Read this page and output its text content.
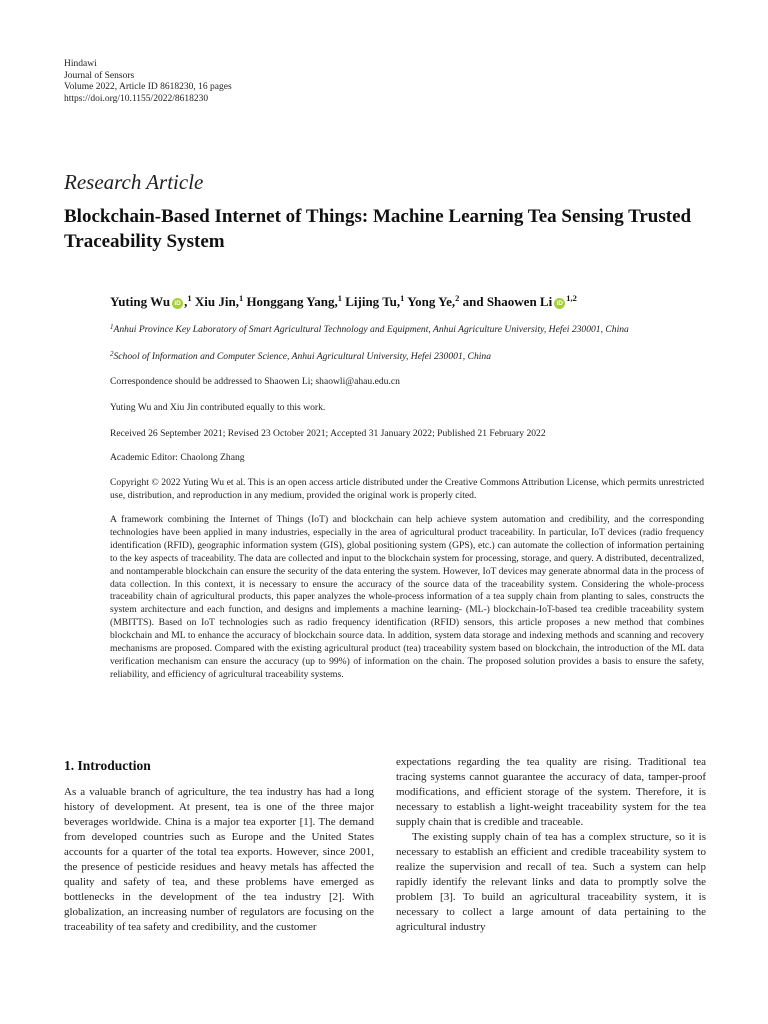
Hindawi
Journal of Sensors
Volume 2022, Article ID 8618230, 16 pages
https://doi.org/10.1155/2022/8618230
Research Article
Blockchain-Based Internet of Things: Machine Learning Tea Sensing Trusted Traceability System
Yuting Wu iD ,$^1$ Xiu Jin,$^1$ Honggang Yang,$^1$ Lijing Tu,$^1$ Yong Ye,$^2$ and Shaowen Li iD$^{1,2}$
$^1$Anhui Province Key Laboratory of Smart Agricultural Technology and Equipment, Anhui Agriculture University, Hefei 230001, China
$^2$School of Information and Computer Science, Anhui Agricultural University, Hefei 230001, China
Correspondence should be addressed to Shaowen Li; shaowli@ahau.edu.cn
Yuting Wu and Xiu Jin contributed equally to this work.
Received 26 September 2021; Revised 23 October 2021; Accepted 31 January 2022; Published 21 February 2022
Academic Editor: Chaolong Zhang
Copyright © 2022 Yuting Wu et al. This is an open access article distributed under the Creative Commons Attribution License, which permits unrestricted use, distribution, and reproduction in any medium, provided the original work is properly cited.
A framework combining the Internet of Things (IoT) and blockchain can help achieve system automation and credibility, and the corresponding technologies have been applied in many industries, especially in the area of agricultural product traceability. In particular, IoT devices (radio frequency identification (RFID), geographic information system (GIS), global positioning system (GPS), etc.) can automate the collection of information pertaining to the key aspects of traceability. The data are collected and input to the blockchain system for processing, storage, and query. A distributed, decentralized, and nontamperable blockchain can ensure the security of the data entering the system. However, IoT devices may generate abnormal data in the process of data collection. In this context, it is necessary to ensure the accuracy of the source data of the traceability system. Considering the whole-process traceability chain of agricultural products, this paper analyzes the whole-process information of a tea supply chain from planting to sales, constructs the system architecture and each function, and designs and implements a machine learning- (ML-) blockchain-IoT-based tea credible traceability system (MBITTS). Based on IoT technologies such as radio frequency identification (RFID) sensors, this article proposes a new method that combines blockchain and ML to enhance the accuracy of blockchain source data. In addition, system data storage and indexing methods and scanning and recovery mechanisms are proposed. Compared with the existing agricultural product (tea) traceability system based on blockchain, the introduction of the ML data verification mechanism can ensure the accuracy (up to 99%) of information on the chain. The proposed solution provides a basis to ensure the safety, reliability, and efficiency of agricultural traceability systems.
1. Introduction

As a valuable branch of agriculture, the tea industry has had a long history of development. At present, tea is one of the three major beverages worldwide. China is a major tea exporter [1]. The demand from developed countries such as Europe and the United States accounts for a quarter of the total tea exports. However, since 2001, the presence of pesticide residues and heavy metals has affected the quality and safety of tea, and these problems have emerged as bottlenecks in the development of the tea industry [2]. With globalization, an increasing number of regulators are focusing on the traceability of tea safety and credibility, and the customer

expectations regarding the tea quality are rising. Traditional tea tracing systems cannot guarantee the accuracy of data, tamper-proof modifications, and efficient storage of the system. Therefore, it is necessary to establish a light-weight traceability system for the tea supply chain that is credible and traceable.

The existing supply chain of tea has a complex structure, so it is necessary to establish an efficient and credible traceability system to realize the supervision and recall of tea. Such a system can help rapidly identify the relevant links and data to promptly solve the problem [3]. To build an agricultural traceability system, it is necessary to collect a large amount of data pertaining to the agricultural industry
